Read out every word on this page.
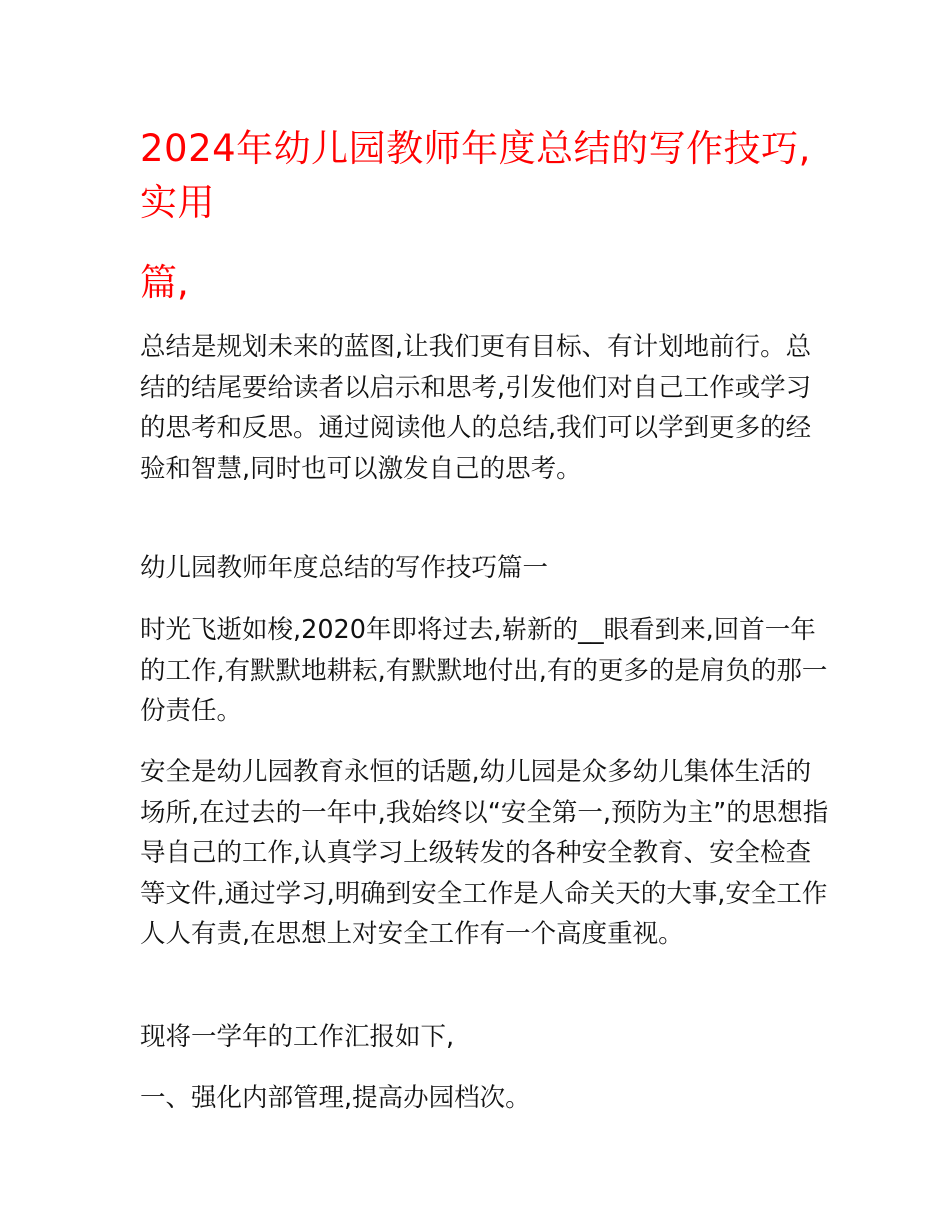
2024年幼儿园教师年度总结的写作技巧,实用
篇,

总结是规划未来的蓝图,让我们更有目标、有计划地前行。总结的结尾要给读者以启示和思考,引发他们对自己工作或学习的思考和反思。通过阅读他人的总结,我们可以学到更多的经验和智慧,同时也可以激发自己的思考。

幼儿园教师年度总结的写作技巧篇一

时光飞逝如梭,2020年即将过去,崭新的__眼看到来,回首一年的工作,有默默地耕耘,有默默地付出,有的更多的是肩负的那一份责任。

安全是幼儿园教育永恒的话题,幼儿园是众多幼儿集体生活的场所,在过去的一年中,我始终以“安全第一,预防为主”的思想指导自己的工作,认真学习上级转发的各种安全教育、安全检查等文件,通过学习,明确到安全工作是人命关天的大事,安全工作人人有责,在思想上对安全工作有一个高度重视。

现将一学年的工作汇报如下,

一、强化内部管理,提高办园档次。
